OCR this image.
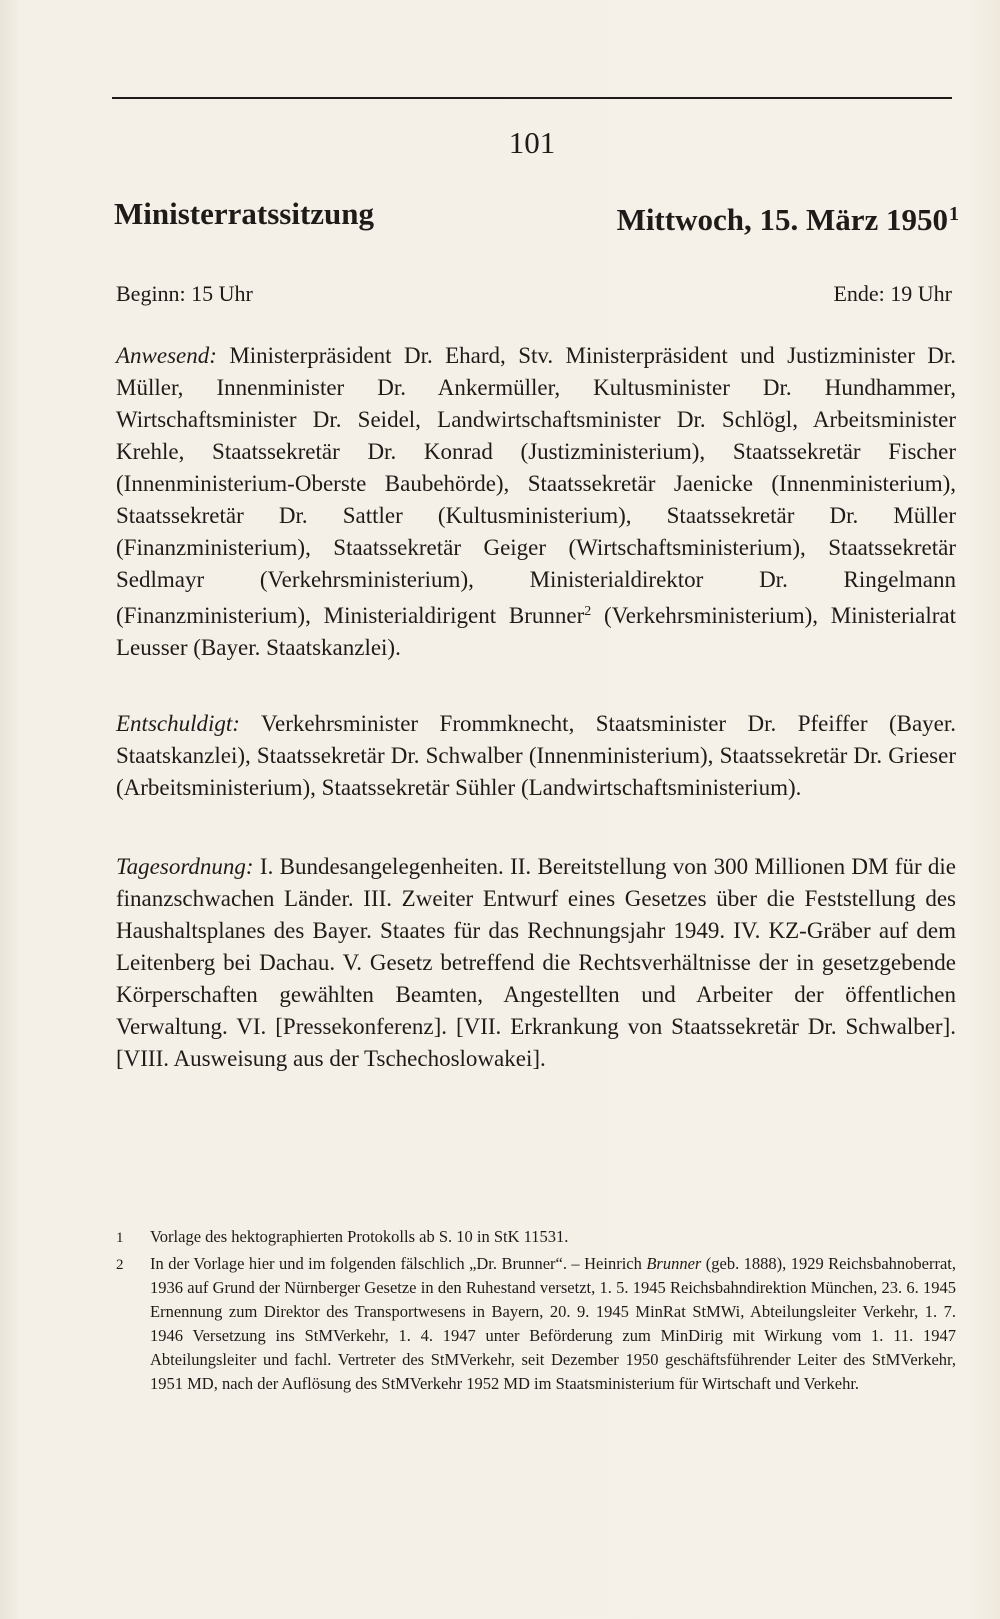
101
Ministerratssitzung	Mittwoch, 15. März 1950$^1$
Beginn: 15 Uhr	Ende: 19 Uhr
Anwesend: Ministerpräsident Dr. Ehard, Stv. Ministerpräsident und Justizminister Dr. Müller, Innenminister Dr. Ankermüller, Kultusminister Dr. Hundhammer, Wirtschaftsminister Dr. Seidel, Landwirtschaftsminister Dr. Schlögl, Arbeitsminister Krehle, Staatssekretär Dr. Konrad (Justizministerium), Staatssekretär Fischer (Innenministerium-Oberste Baubehörde), Staatssekretär Jaenicke (Innenministerium), Staatssekretär Dr. Sattler (Kultusministerium), Staatssekretär Dr. Müller (Finanzministerium), Staatssekretär Geiger (Wirtschaftsministerium), Staatssekretär Sedlmayr (Verkehrsministerium), Ministerialdirektor Dr. Ringelmann (Finanzministerium), Ministerialdirigent Brunner$^2$ (Verkehrsministerium), Ministerialrat Leusser (Bayer. Staatskanzlei).
Entschuldigt: Verkehrsminister Frommknecht, Staatsminister Dr. Pfeiffer (Bayer. Staatskanzlei), Staatssekretär Dr. Schwalber (Innenministerium), Staatssekretär Dr. Grieser (Arbeitsministerium), Staatssekretär Sühler (Landwirtschaftsministerium).
Tagesordnung: I. Bundesangelegenheiten. II. Bereitstellung von 300 Millionen DM für die finanzschwachen Länder. III. Zweiter Entwurf eines Gesetzes über die Feststellung des Haushaltsplanes des Bayer. Staates für das Rechnungsjahr 1949. IV. KZ-Gräber auf dem Leitenberg bei Dachau. V. Gesetz betreffend die Rechtsverhältnisse der in gesetzgebende Körperschaften gewählten Beamten, Angestellten und Arbeiter der öffentlichen Verwaltung. VI. [Pressekonferenz]. [VII. Erkrankung von Staatssekretär Dr. Schwalber]. [VIII. Ausweisung aus der Tschechoslowakei].
1	Vorlage des hektographierten Protokolls ab S. 10 in StK 11531.
2	In der Vorlage hier und im folgenden fälschlich „Dr. Brunner“. – Heinrich Brunner (geb. 1888), 1929 Reichsbahnoberrat, 1936 auf Grund der Nürnberger Gesetze in den Ruhestand versetzt, 1. 5. 1945 Reichsbahndirektion München, 23. 6. 1945 Ernennung zum Direktor des Transportwesens in Bayern, 20. 9. 1945 MinRat StMWi, Abteilungsleiter Verkehr, 1. 7. 1946 Versetzung ins StMVerkehr, 1. 4. 1947 unter Beförderung zum MinDirig mit Wirkung vom 1. 11. 1947 Abteilungsleiter und fachl. Vertreter des StMVerkehr, seit Dezember 1950 geschäftsführender Leiter des StMVerkehr, 1951 MD, nach der Auflösung des StMVerkehr 1952 MD im Staatsministerium für Wirtschaft und Verkehr.
